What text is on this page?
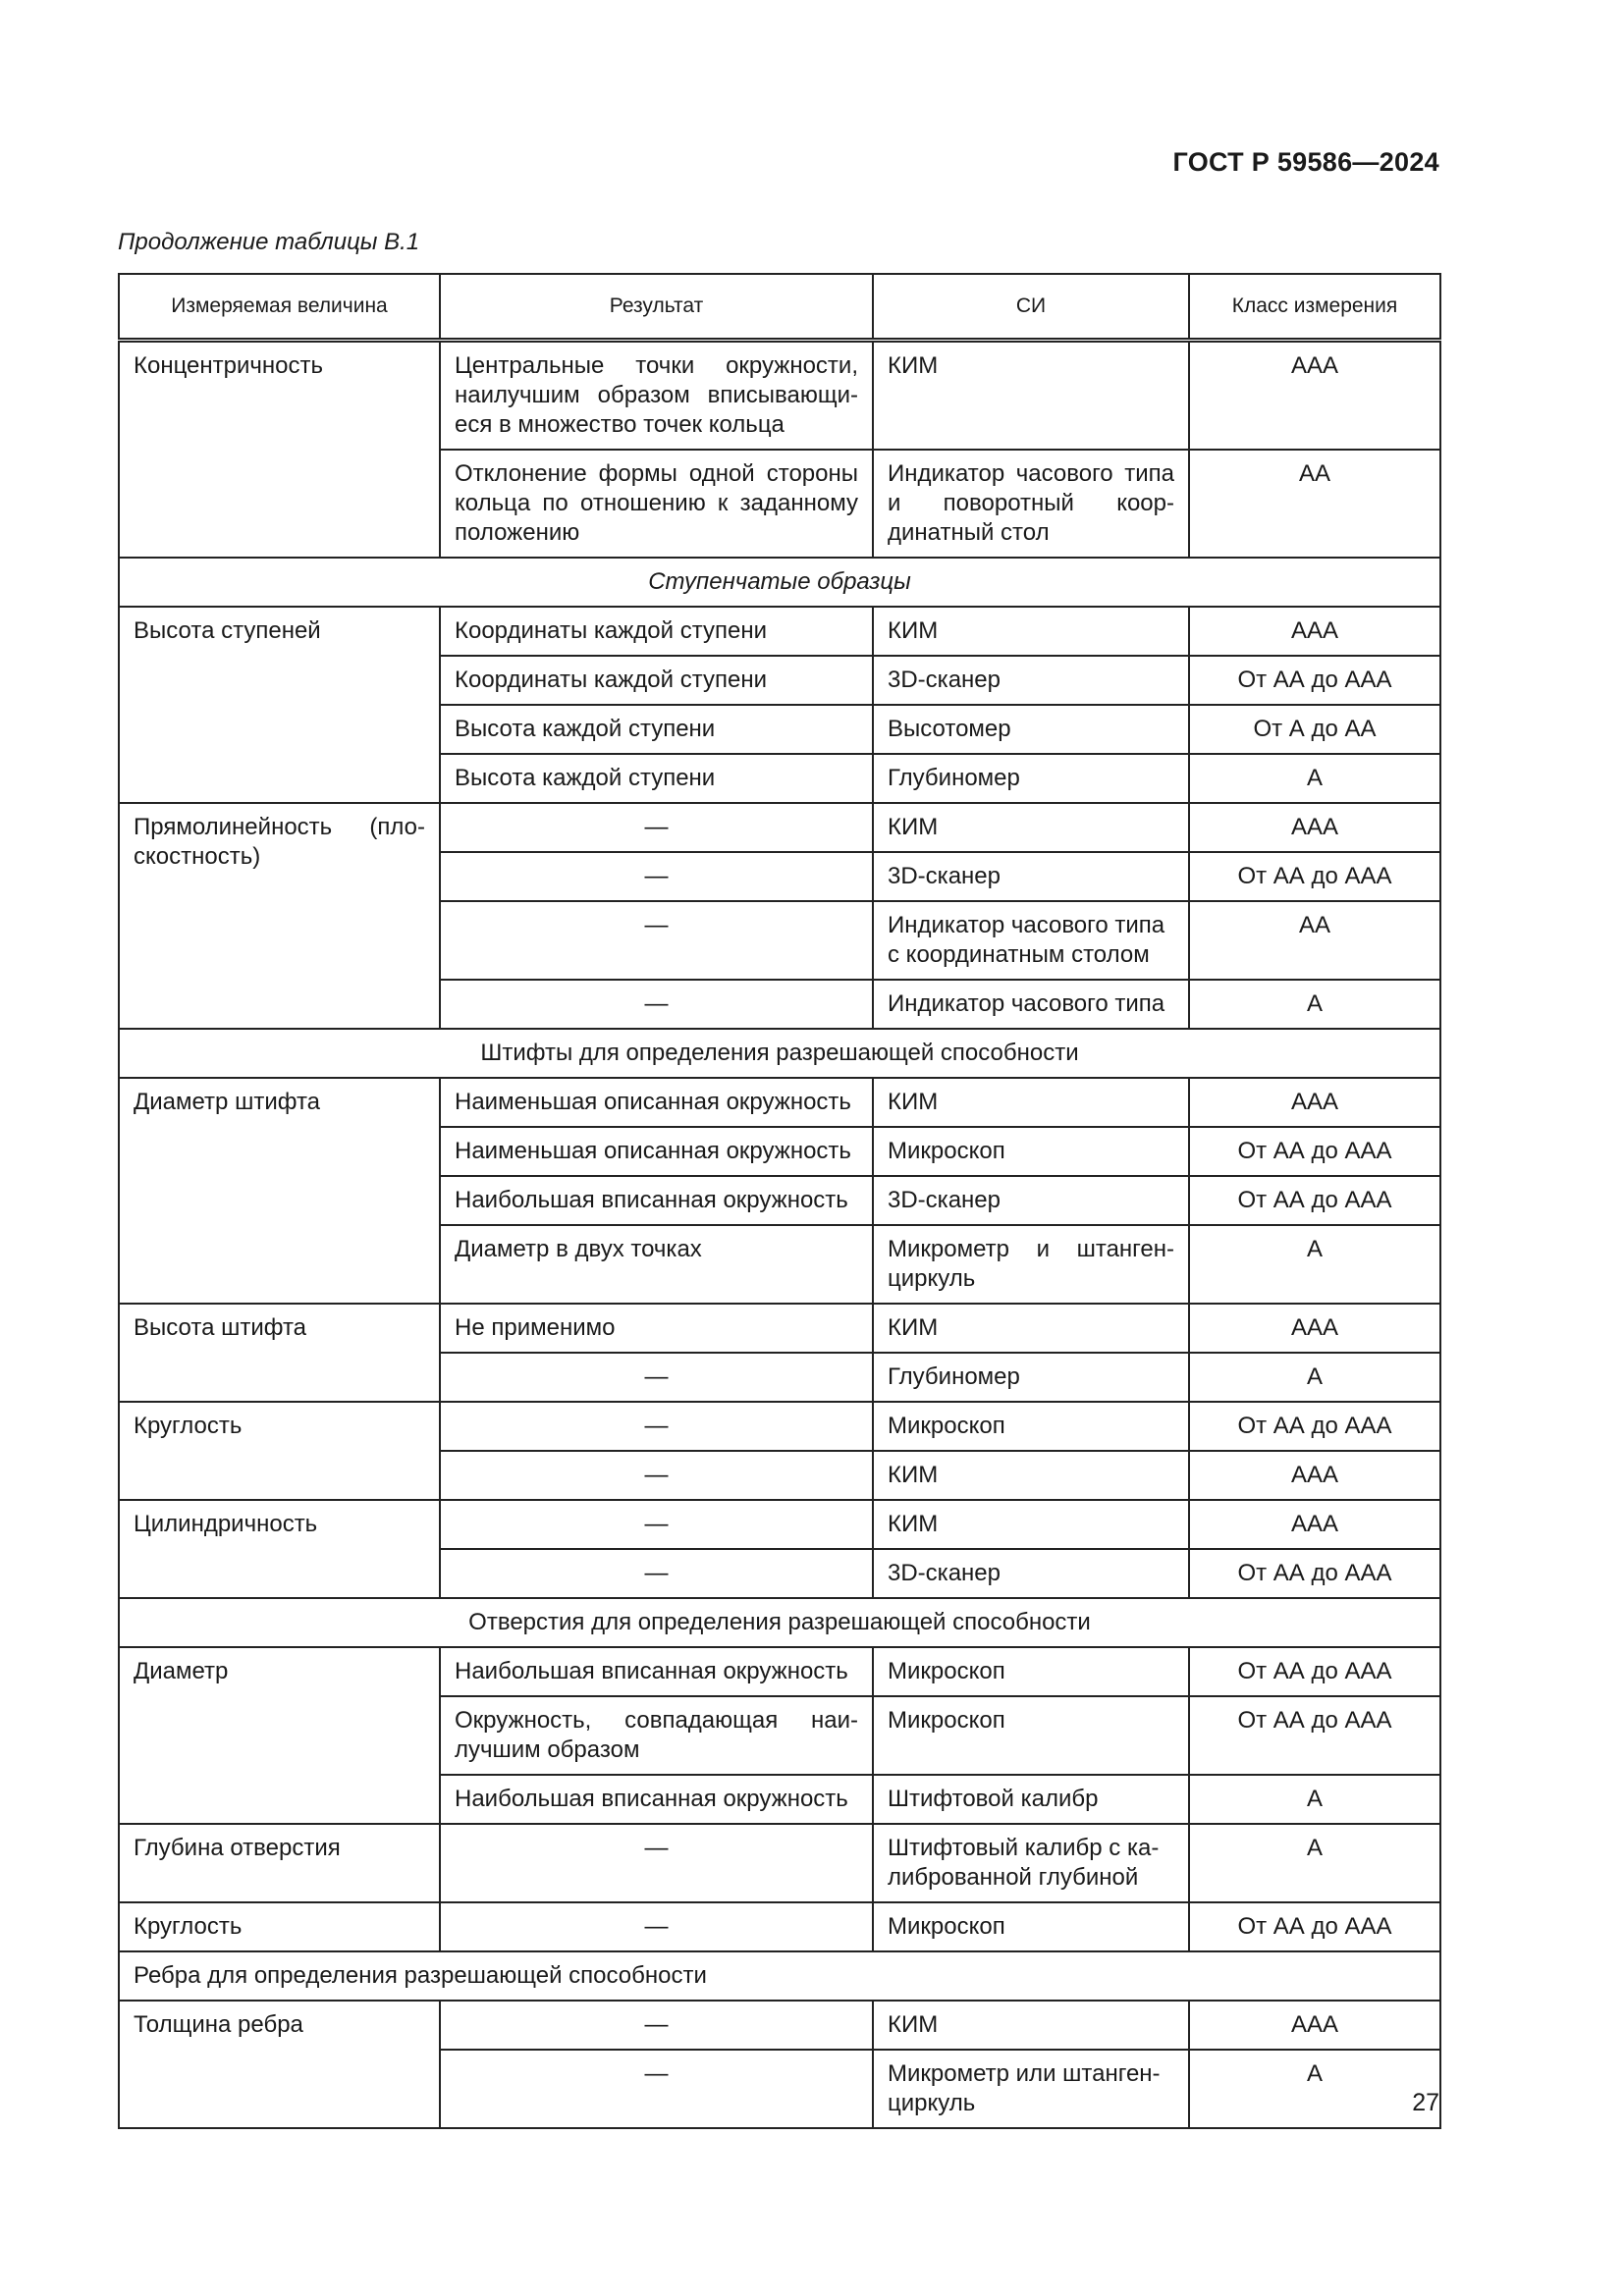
ГОСТ Р 59586—2024
Продолжение таблицы В.1
Измеряемая величина	Результат	СИ	Класс измерения
Концентричность	Центральные точки окружности, наилучшим образом вписывающиеся в множество точек кольца	КИМ	ААА
	Отклонение формы одной стороны кольца по отношению к заданному положению	Индикатор часового типа и поворотный координатный стол	АА
Ступенчатые образцы			
Высота ступеней	Координаты каждой ступени	КИМ	ААА
	Координаты каждой ступени	3D-сканер	От АА до ААА
	Высота каждой ступени	Высотомер	От А до АА
	Высота каждой ступени	Глубиномер	А
Прямолинейность (плоскостность)	—	КИМ	ААА
	—	3D-сканер	От АА до ААА
	—	Индикатор часового типа с координатным столом	АА
	—	Индикатор часового типа	А
Штифты для определения разрешающей способности			
Диаметр штифта	Наименьшая описанная окружность	КИМ	ААА
	Наименьшая описанная окружность	Микроскоп	От АА до ААА
	Наибольшая вписанная окружность	3D-сканер	От АА до ААА
	Диаметр в двух точках	Микрометр и штангенциркуль	А
Высота штифта	Не применимо	КИМ	ААА
	—	Глубиномер	А
Круглость	—	Микроскоп	От АА до ААА
	—	КИМ	ААА
Цилиндричность	—	КИМ	ААА
	—	3D-сканер	От АА до ААА
Отверстия для определения разрешающей способности			
Диаметр	Наибольшая вписанная окружность	Микроскоп	От АА до ААА
	Окружность, совпадающая наилучшим образом	Микроскоп	От АА до ААА
	Наибольшая вписанная окружность	Штифтовой калибр	А
Глубина отверстия	—	Штифтовый калибр с калиброванной глубиной	А
Круглость	—	Микроскоп	От АА до ААА
Ребра для определения разрешающей способности			
Толщина ребра	—	КИМ	ААА
	—	Микрометр или штангенциркуль	А
27
